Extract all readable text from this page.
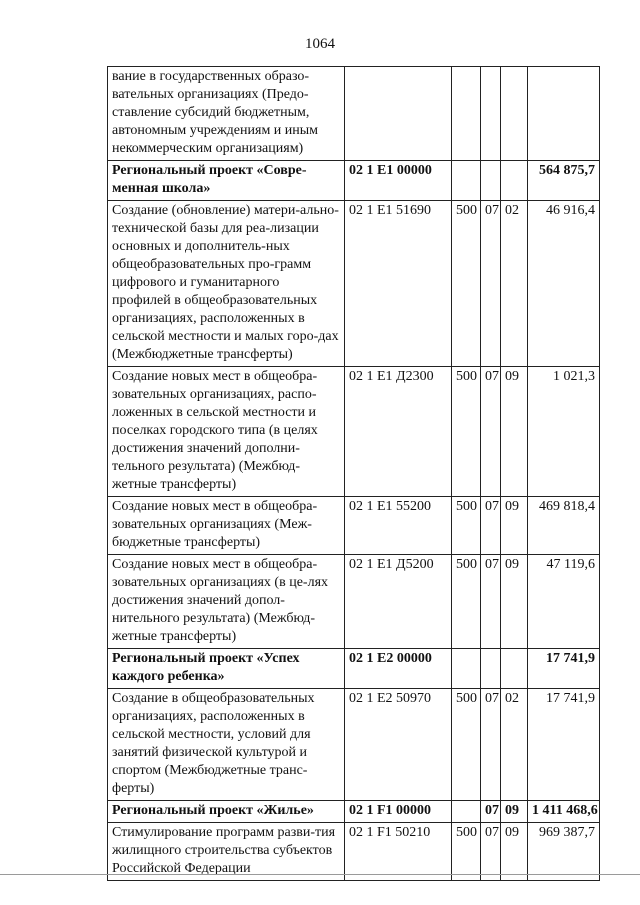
1064
вание в государственных образо-вательных организациях (Предо-ставление субсидий бюджетным, автономным учреждениям и иным некоммерческим организациям)					
Региональный проект «Совре-менная школа»	02 1 E1 00000				564 875,7
Создание (обновление) матери-ально-технической базы для реа-лизации основных и дополнитель-ных общеобразовательных про-грамм цифрового и гуманитарного профилей в общеобразовательных организациях, расположенных в сельской местности и малых горо-дах (Межбюджетные трансферты)	02 1 E1 51690	500	07	02	46 916,4
Создание новых мест в общеобра-зовательных организациях, распо-ложенных в сельской местности и поселках городского типа (в целях достижения значений дополни-тельного результата) (Межбюд-жетные трансферты)	02 1 E1 Д2300	500	07	09	1 021,3
Создание новых мест в общеобра-зовательных организациях (Меж-бюджетные трансферты)	02 1 E1 55200	500	07	09	469 818,4
Создание новых мест в общеобра-зовательных организациях (в це-лях достижения значений допол-нительного результата) (Межбюд-жетные трансферты)	02 1 E1 Д5200	500	07	09	47 119,6
Региональный проект «Успех каждого ребенка»	02 1 E2 00000				17 741,9
Создание в общеобразовательных организациях, расположенных в сельской местности, условий для занятий физической культурой и спортом (Межбюджетные транс-ферты)	02 1 E2 50970	500	07	02	17 741,9
Региональный проект «Жилье»	02 1 F1 00000		07	09	1 411 468,6
Стимулирование программ разви-тия жилищного строительства субъектов Российской Федерации	02 1 F1 50210	500	07	09	969 387,7
